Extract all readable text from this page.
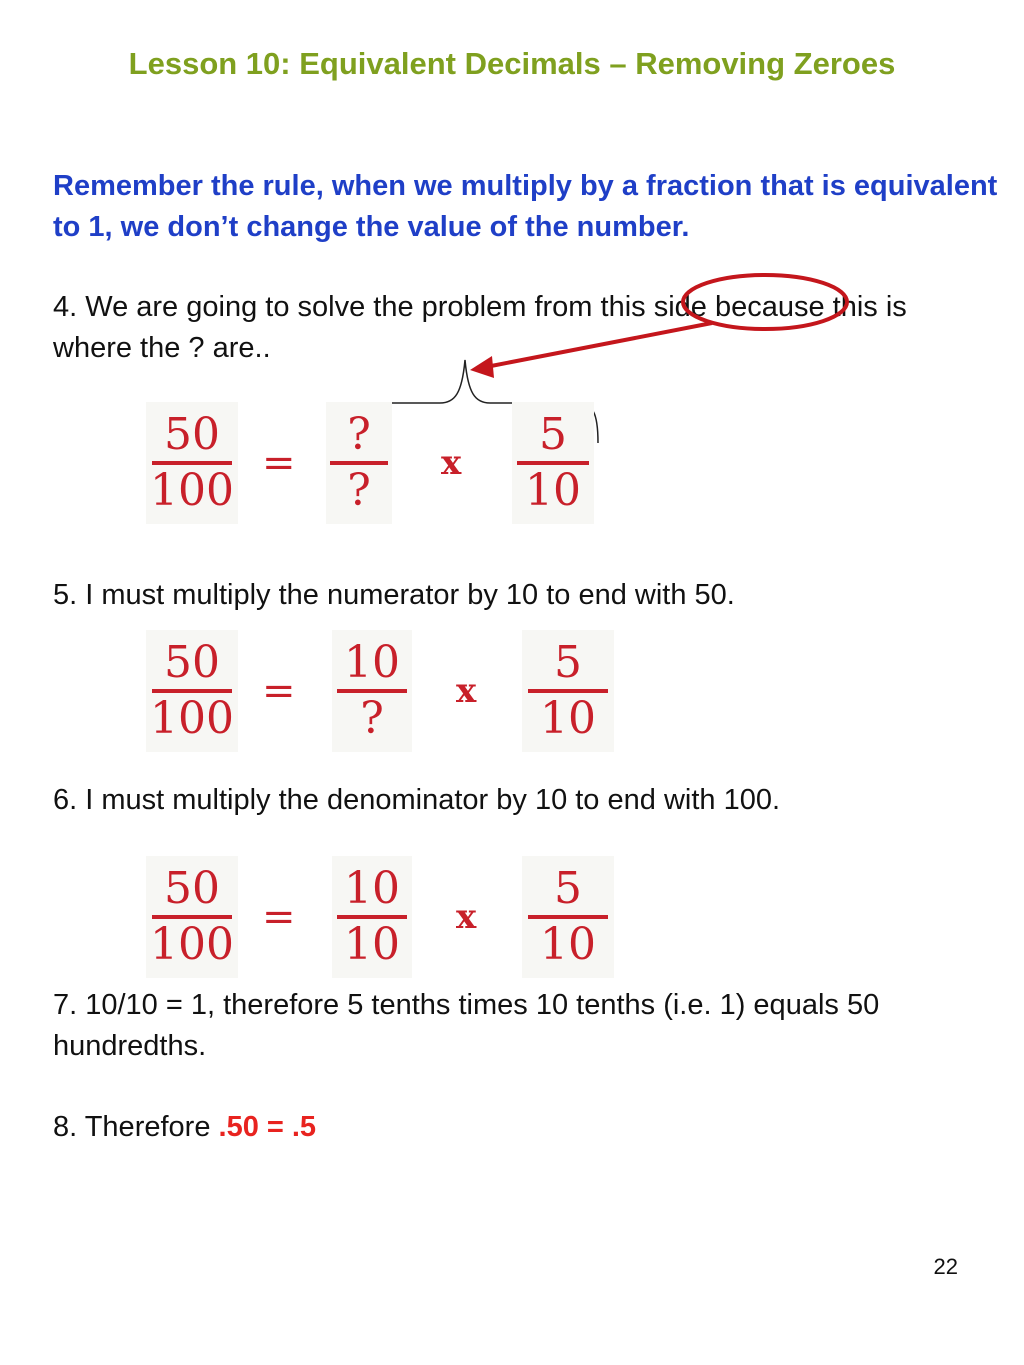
Lesson 10: Equivalent Decimals – Removing Zeroes
Remember the rule, when we multiply by a fraction that is equivalent to 1, we don’t change the value of the number.
4. We are going to solve the problem from this side because this is where the ? are..
50
100
=
?
?
x
5
10
5. I must multiply the numerator by 10 to end with 50.
50
100
=
10
?
x
5
10
6. I must multiply the denominator by 10 to end with 100.
50
100
=
10
10
x
5
10
7. 10/10 = 1, therefore 5 tenths times 10 tenths (i.e. 1) equals 50 hundredths.
8. Therefore .50 = .5
22
